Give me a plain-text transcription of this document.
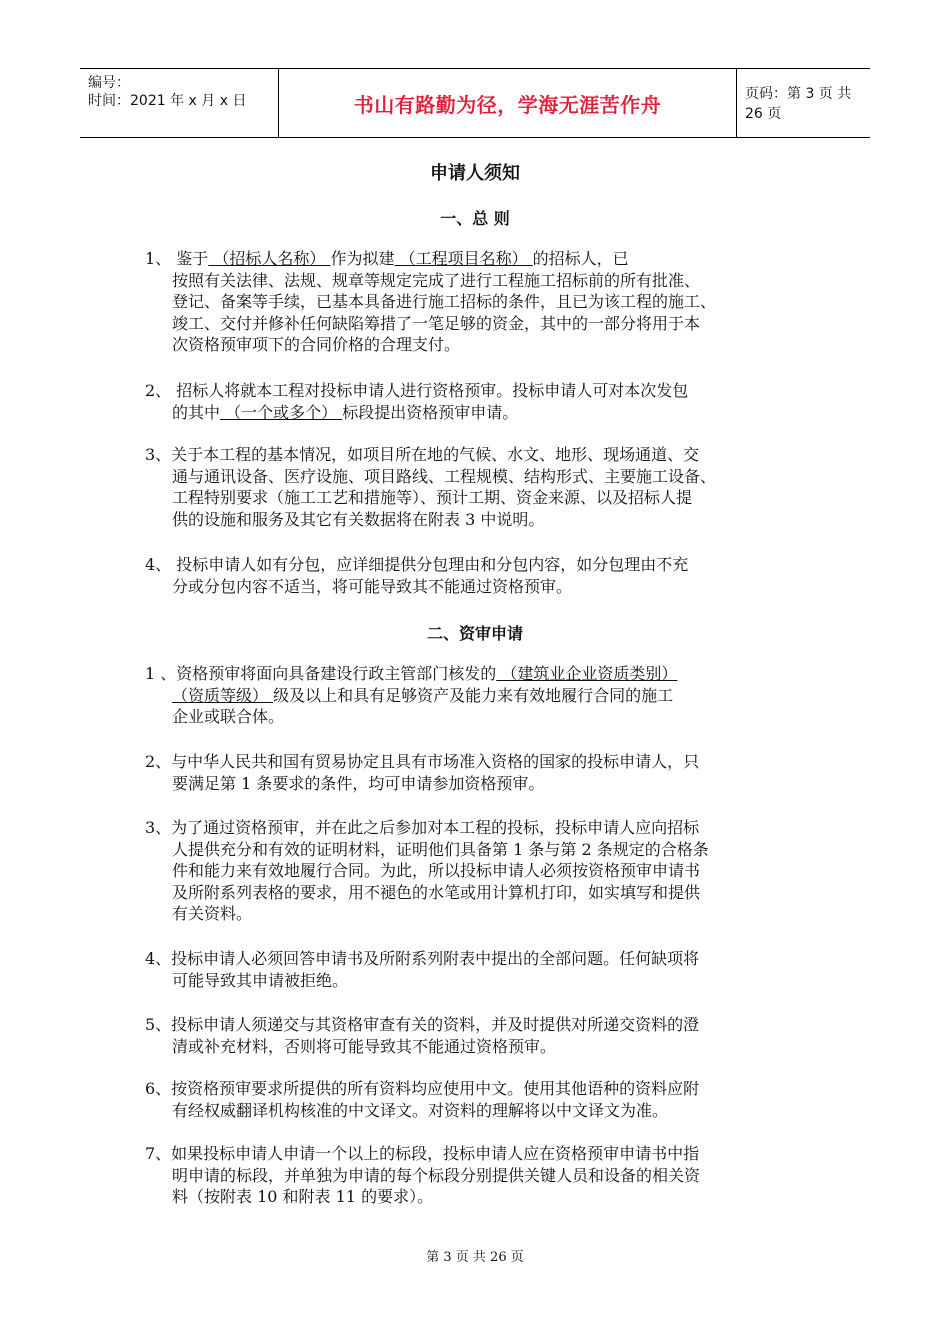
编号：
时间：2021 年 x 月 x 日	书山有路勤为径，学海无涯苦作舟	页码：第 3 页 共 26 页
申请人须知
一、总 则
1、 鉴于 （招标人名称） 作为拟建 （工程项目名称） 的招标人，已
按照有关法律、法规、规章等规定完成了进行工程施工招标前的所有批准、
登记、备案等手续，已基本具备进行施工招标的条件，且已为该工程的施工、
竣工、交付并修补任何缺陷筹措了一笔足够的资金，其中的一部分将用于本
次资格预审项下的合同价格的合理支付。
2、 招标人将就本工程对投标申请人进行资格预审。投标申请人可对本次发包
的其中 （一个或多个） 标段提出资格预审申请。
3、关于本工程的基本情况，如项目所在地的气候、水文、地形、现场通道、交
通与通讯设备、医疗设施、项目路线、工程规模、结构形式、主要施工设备、
工程特别要求（施工工艺和措施等）、预计工期、资金来源、以及招标人提
供的设施和服务及其它有关数据将在附表 3 中说明。
4、 投标申请人如有分包，应详细提供分包理由和分包内容，如分包理由不充
分或分包内容不适当，将可能导致其不能通过资格预审。
二、资审申请
1 、资格预审将面向具备建设行政主管部门核发的 （建筑业企业资质类别）
（资质等级） 级及以上和具有足够资产及能力来有效地履行合同的施工
企业或联合体。
2、与中华人民共和国有贸易协定且具有市场准入资格的国家的投标申请人，只
要满足第 1 条要求的条件，均可申请参加资格预审。
3、为了通过资格预审，并在此之后参加对本工程的投标，投标申请人应向招标
人提供充分和有效的证明材料，证明他们具备第 1 条与第 2 条规定的合格条
件和能力来有效地履行合同。为此，所以投标申请人必须按资格预审申请书
及所附系列表格的要求，用不褪色的水笔或用计算机打印，如实填写和提供
有关资料。
4、投标申请人必须回答申请书及所附系列附表中提出的全部问题。任何缺项将
可能导致其申请被拒绝。
5、投标申请人须递交与其资格审查有关的资料，并及时提供对所递交资料的澄
清或补充材料，否则将可能导致其不能通过资格预审。
6、按资格预审要求所提供的所有资料均应使用中文。使用其他语种的资料应附
有经权威翻译机构核准的中文译文。对资料的理解将以中文译文为准。
7、如果投标申请人申请一个以上的标段，投标申请人应在资格预审申请书中指
明申请的标段，并单独为申请的每个标段分别提供关键人员和设备的相关资
料（按附表 10 和附表 11 的要求）。
第 3 页 共 26 页
